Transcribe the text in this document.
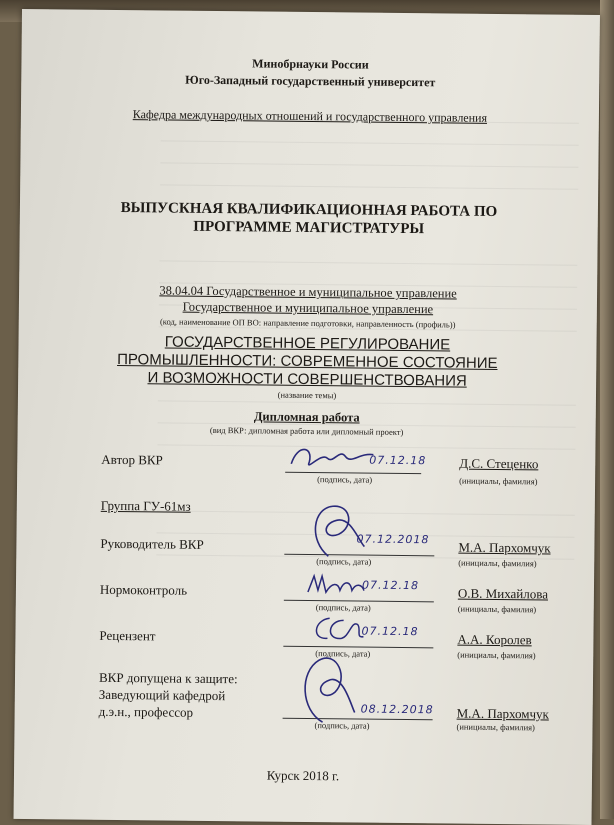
Минобрнауки России
Юго-Западный государственный университет
Кафедра международных отношений и государственного управления
ВЫПУСКНАЯ КВАЛИФИКАЦИОННАЯ РАБОТА ПО
ПРОГРАММЕ МАГИСТРАТУРЫ
38.04.04 Государственное и муниципальное управление
Государственное и муниципальное управление
(код, наименование ОП ВО: направление подготовки, направленность (профиль))
ГОСУДАРСТВЕННОЕ РЕГУЛИРОВАНИЕ
ПРОМЫШЛЕННОСТИ: СОВРЕМЕННОЕ СОСТОЯНИЕ
И ВОЗМОЖНОСТИ СОВЕРШЕНСТВОВАНИЯ
(название темы)
Дипломная работа
(вид ВКР: дипломная работа или дипломный проект)
Автор ВКР	07.12.18
(подпись, дата)
Д.С. Стеценко
(инициалы, фамилия)
Группа ГУ-61мз
Руководитель ВКР	07.12.2018
(подпись, дата)
М.А. Пархомчук
(инициалы, фамилия)
Нормоконтроль	07.12.18
(подпись, дата)
О.В. Михайлова
(инициалы, фамилия)
Рецензент	07.12.18
(подпись, дата)
А.А. Королев
(инициалы, фамилия)
ВКР допущена к защите:
Заведующий кафедрой
д.э.н., профессор	08.12.2018
(подпись, дата)
М.А. Пархомчук
(инициалы, фамилия)
Курск 2018 г.
